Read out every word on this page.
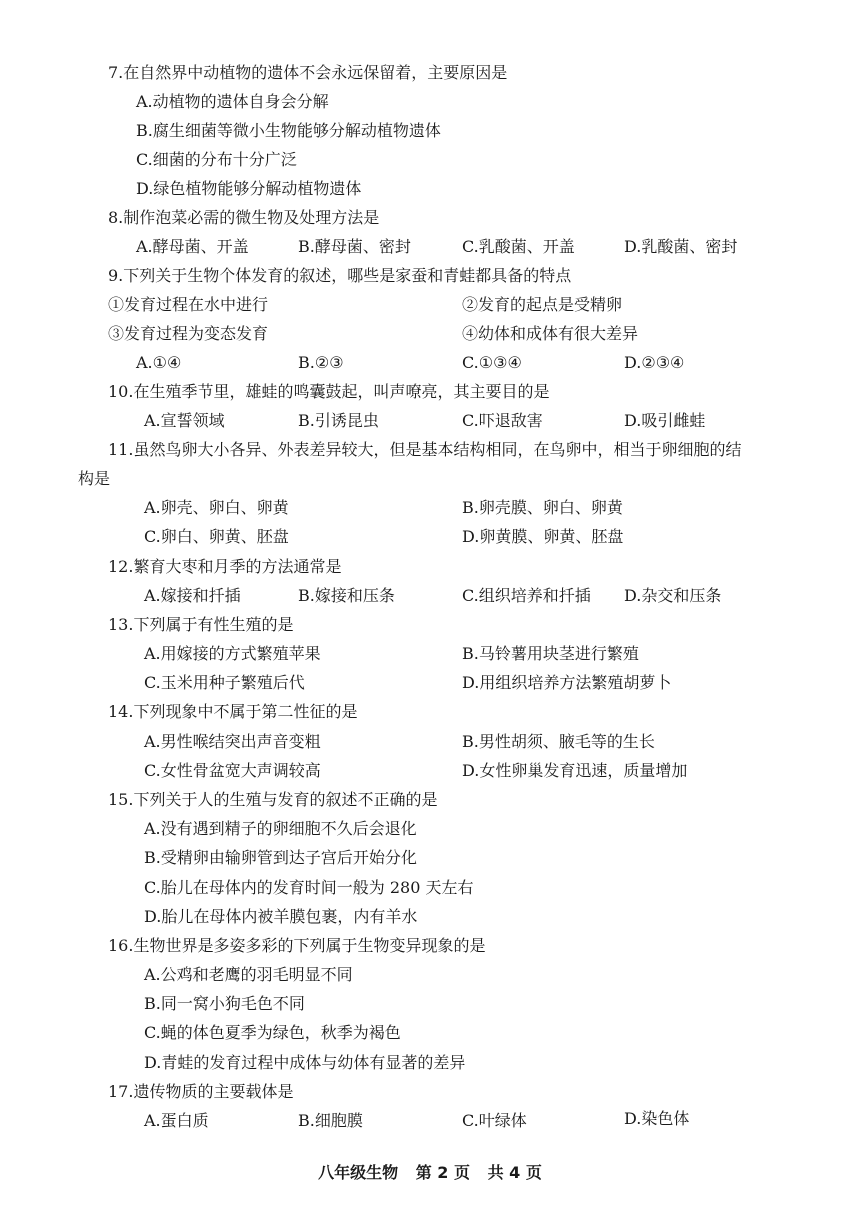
7.在自然界中动植物的遗体不会永远保留着，主要原因是
A.动植物的遗体自身会分解
B.腐生细菌等微小生物能够分解动植物遗体
C.细菌的分布十分广泛
D.绿色植物能够分解动植物遗体
8.制作泡菜必需的微生物及处理方法是
A.酵母菌、开盖	B.酵母菌、密封	C.乳酸菌、开盖	D.乳酸菌、密封
9.下列关于生物个体发育的叙述，哪些是家蚕和青蛙都具备的特点
①发育过程在水中进行	②发育的起点是受精卵
③发育过程为变态发育	④幼体和成体有很大差异
A.①④	B.②③	C.①③④	D.②③④
10.在生殖季节里，雄蛙的鸣囊鼓起，叫声嘹亮，其主要目的是
A.宣誓领域	B.引诱昆虫	C.吓退敌害	D.吸引雌蛙
11.虽然鸟卵大小各异、外表差异较大，但是基本结构相同，在鸟卵中，相当于卵细胞的结
构是
A.卵壳、卵白、卵黄	B.卵壳膜、卵白、卵黄
C.卵白、卵黄、胚盘	D.卵黄膜、卵黄、胚盘
12.繁育大枣和月季的方法通常是
A.嫁接和扦插	B.嫁接和压条	C.组织培养和扦插 D.杂交和压条
13.下列属于有性生殖的是
A.用嫁接的方式繁殖苹果	B.马铃薯用块茎进行繁殖
C.玉米用种子繁殖后代	D.用组织培养方法繁殖胡萝卜
14.下列现象中不属于第二性征的是
A.男性喉结突出声音变粗	B.男性胡须、腋毛等的生长
C.女性骨盆宽大声调较高	D.女性卵巢发育迅速，质量增加
15.下列关于人的生殖与发育的叙述不正确的是
A.没有遇到精子的卵细胞不久后会退化
B.受精卵由输卵管到达子宫后开始分化
C.胎儿在母体内的发育时间一般为 280 天左右
D.胎儿在母体内被羊膜包裹，内有羊水
16.生物世界是多姿多彩的下列属于生物变异现象的是
A.公鸡和老鹰的羽毛明显不同
B.同一窝小狗毛色不同
C.蝇的体色夏季为绿色，秋季为褐色
D.青蛙的发育过程中成体与幼体有显著的差异
17.遗传物质的主要载体是
A.蛋白质	B.细胞膜	C.叶绿体	D.染色体
八年级生物 第 2 页 共 4 页
